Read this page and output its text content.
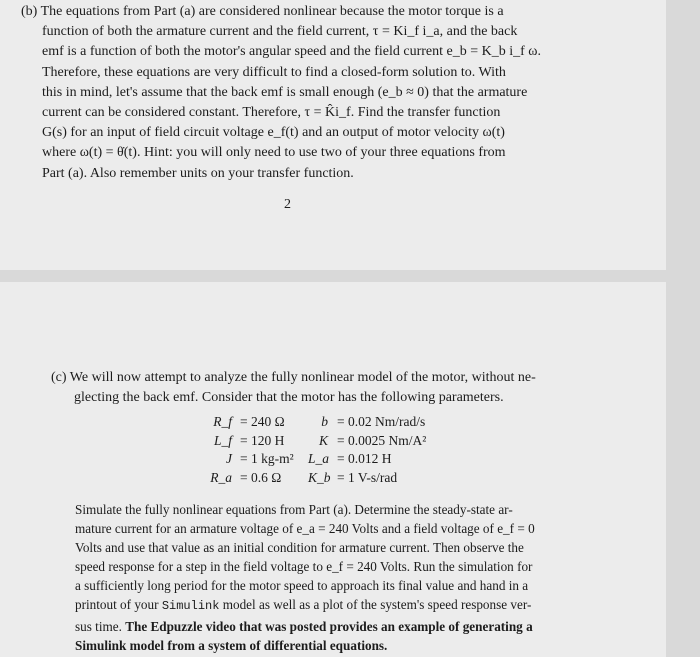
(b) The equations from Part (a) are considered nonlinear because the motor torque is a
function of both the armature current and the field current, τ = Ki_f i_a, and the back
emf is a function of both the motor's angular speed and the field current e_b = K_b i_f ω.
Therefore, these equations are very difficult to find a closed-form solution to. With
this in mind, let's assume that the back emf is small enough (e_b ≈ 0) that the armature
current can be considered constant. Therefore, τ = K̂i_f. Find the transfer function
G(s) for an input of field circuit voltage e_f(t) and an output of motor velocity ω(t)
where ω(t) = θ̇(t). Hint: you will only need to use two of your three equations from
Part (a). Also remember units on your transfer function.
2
(c) We will now attempt to analyze the fully nonlinear model of the motor, without ne-
glecting the back emf. Consider that the motor has the following parameters.
R_f = 240 Ω	b = 0.02 Nm/rad/s
L_f = 120 H	K = 0.0025 Nm/A²
J = 1 kg-m² L_a = 0.012 H
R_a = 0.6 Ω K_b = 1 V-s/rad
Simulate the fully nonlinear equations from Part (a). Determine the steady-state ar-
mature current for an armature voltage of e_a = 240 Volts and a field voltage of e_f = 0
Volts and use that value as an initial condition for armature current. Then observe the
speed response for a step in the field voltage to e_f = 240 Volts. Run the simulation for
a sufficiently long period for the motor speed to approach its final value and hand in a
printout of your Simulink model as well as a plot of the system's speed response ver-
sus time. The Edpuzzle video that was posted provides an example of generating a
Simulink model from a system of differential equations.
